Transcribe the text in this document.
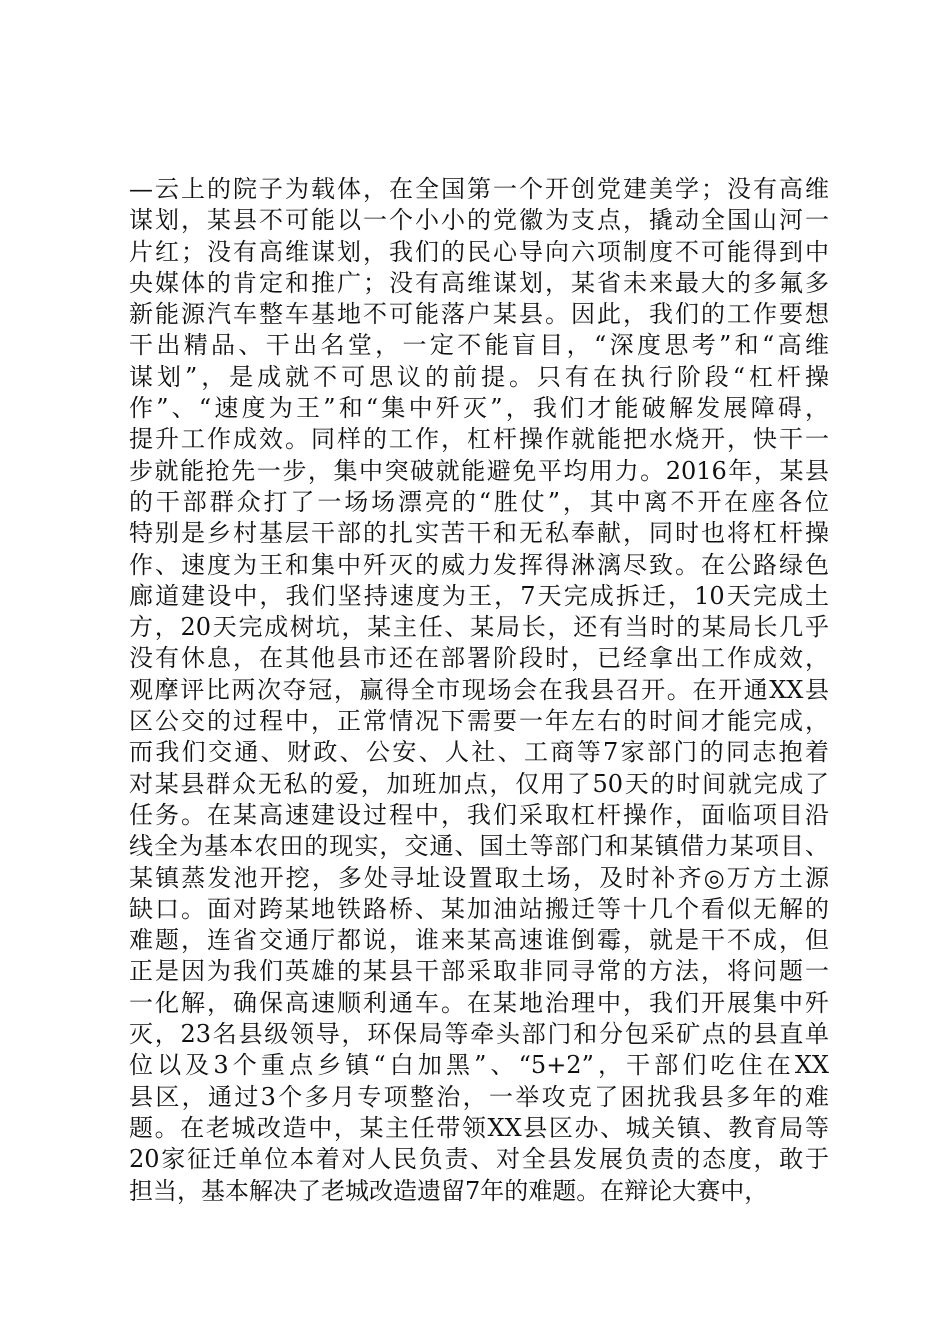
—云上的院子为载体，在全国第一个开创党建美学；没有高维
谋划，某县不可能以一个小小的党徽为支点，撬动全国山河一
片红；没有高维谋划，我们的民心导向六项制度不可能得到中
央媒体的肯定和推广；没有高维谋划，某省未来最大的多氟多
新能源汽车整车基地不可能落户某县。因此，我们的工作要想
干出精品、干出名堂，一定不能盲目，“深度思考”和“高维
谋划”，是成就不可思议的前提。只有在执行阶段“杠杆操
作”、“速度为王”和“集中歼灭”，我们才能破解发展障碍，
提升工作成效。同样的工作，杠杆操作就能把水烧开，快干一
步就能抢先一步，集中突破就能避免平均用力。2016年，某县
的干部群众打了一场场漂亮的“胜仗”，其中离不开在座各位
特别是乡村基层干部的扎实苦干和无私奉献，同时也将杠杆操
作、速度为王和集中歼灭的威力发挥得淋漓尽致。在公路绿色
廊道建设中，我们坚持速度为王，7天完成拆迁，10天完成土
方，20天完成树坑，某主任、某局长，还有当时的某局长几乎
没有休息，在其他县市还在部署阶段时，已经拿出工作成效，
观摩评比两次夺冠，赢得全市现场会在我县召开。在开通XX县
区公交的过程中，正常情况下需要一年左右的时间才能完成，
而我们交通、财政、公安、人社、工商等7家部门的同志抱着
对某县群众无私的爱，加班加点，仅用了50天的时间就完成了
任务。在某高速建设过程中，我们采取杠杆操作，面临项目沿
线全为基本农田的现实，交通、国土等部门和某镇借力某项目、
某镇蒸发池开挖，多处寻址设置取土场，及时补齐◎万方土源
缺口。面对跨某地铁路桥、某加油站搬迁等十几个看似无解的
难题，连省交通厅都说，谁来某高速谁倒霉，就是干不成，但
正是因为我们英雄的某县干部采取非同寻常的方法，将问题一
一化解，确保高速顺利通车。在某地治理中，我们开展集中歼
灭，23名县级领导，环保局等牵头部门和分包采矿点的县直单
位以及3个重点乡镇“白加黑”、“5+2”，干部们吃住在XX
县区，通过3个多月专项整治，一举攻克了困扰我县多年的难
题。在老城改造中，某主任带领XX县区办、城关镇、教育局等
20家征迁单位本着对人民负责、对全县发展负责的态度，敢于
担当，基本解决了老城改造遗留7年的难题。在辩论大赛中，
